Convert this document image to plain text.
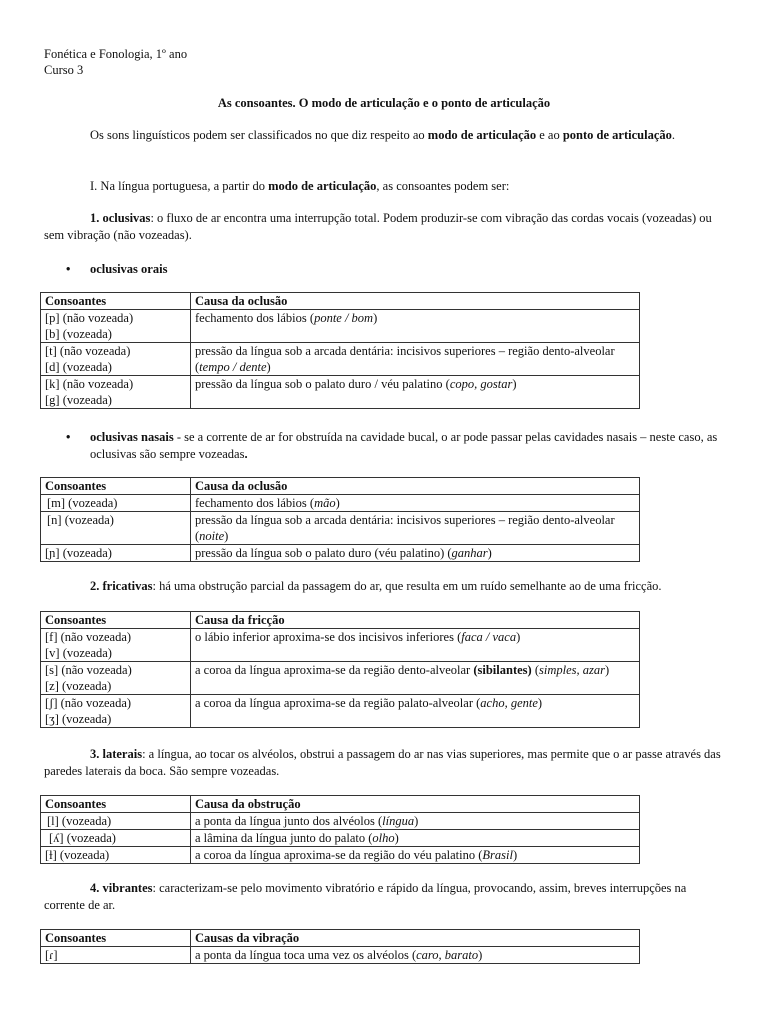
Fonética e Fonologia, 1º ano
Curso 3
As consoantes. O modo de articulação e o ponto de articulação
Os sons linguísticos podem ser classificados no que diz respeito ao modo de articulação e ao ponto de articulação.
I. Na língua portuguesa, a partir do modo de articulação, as consoantes podem ser:
1. oclusivas: o fluxo de ar encontra uma interrupção total. Podem produzir-se com vibração das cordas vocais (vozeadas) ou sem vibração (não vozeadas).
•	oclusivas orais
Consoantes	Causa da oclusão

[p] (não vozeada)
[b] (vozeada)	fechamento dos lábios (ponte / bom)

[t] (não vozeada)
[d] (vozeada)	pressão da língua sob a arcada dentária: incisivos superiores – região dento-alveolar (tempo / dente)

[k] (não vozeada)
[g] (vozeada)	pressão da língua sob o palato duro / véu palatino (copo, gostar)
•	oclusivas nasais - se a corrente de ar for obstruída na cavidade bucal, o ar pode passar pelas cavidades nasais – neste caso, as oclusivas são sempre vozeadas.
Consoantes	Causa da oclusão
[m] (vozeada)	fechamento dos lábios (mão)
[n] (vozeada)	pressão da língua sob a arcada dentária: incisivos superiores – região dento-alveolar (noite)
[ɲ] (vozeada)	pressão da língua sob o palato duro (véu palatino) (ganhar)
2. fricativas: há uma obstrução parcial da passagem do ar, que resulta em um ruído semelhante ao de uma fricção.
Consoantes	Causa da fricção

[f] (não vozeada)
[v] (vozeada)	o lábio inferior aproxima-se dos incisivos inferiores (faca / vaca)

[s] (não vozeada)
[z] (vozeada)	a coroa da língua aproxima-se da região dento-alveolar (sibilantes) (simples, azar)

[ʃ] (não vozeada)
[ʒ] (vozeada)	a coroa da língua aproxima-se da região palato-alveolar (acho, gente)
3. laterais: a língua, ao tocar os alvéolos, obstrui a passagem do ar nas vias superiores, mas permite que o ar passe através das paredes laterais da boca. São sempre vozeadas.
Consoantes	Causa da obstrução
[l] (vozeada)	a ponta da língua junto dos alvéolos (língua)
[ʎ] (vozeada)	a lâmina da língua junto do palato (olho)
[ɫ] (vozeada)	a coroa da língua aproxima-se da região do véu palatino (Brasil)
4. vibrantes: caracterizam-se pelo movimento vibratório e rápido da língua, provocando, assim, breves interrupções na corrente de ar.
Consoantes	Causas da vibração
[ɾ]	a ponta da língua toca uma vez os alvéolos (caro, barato)
